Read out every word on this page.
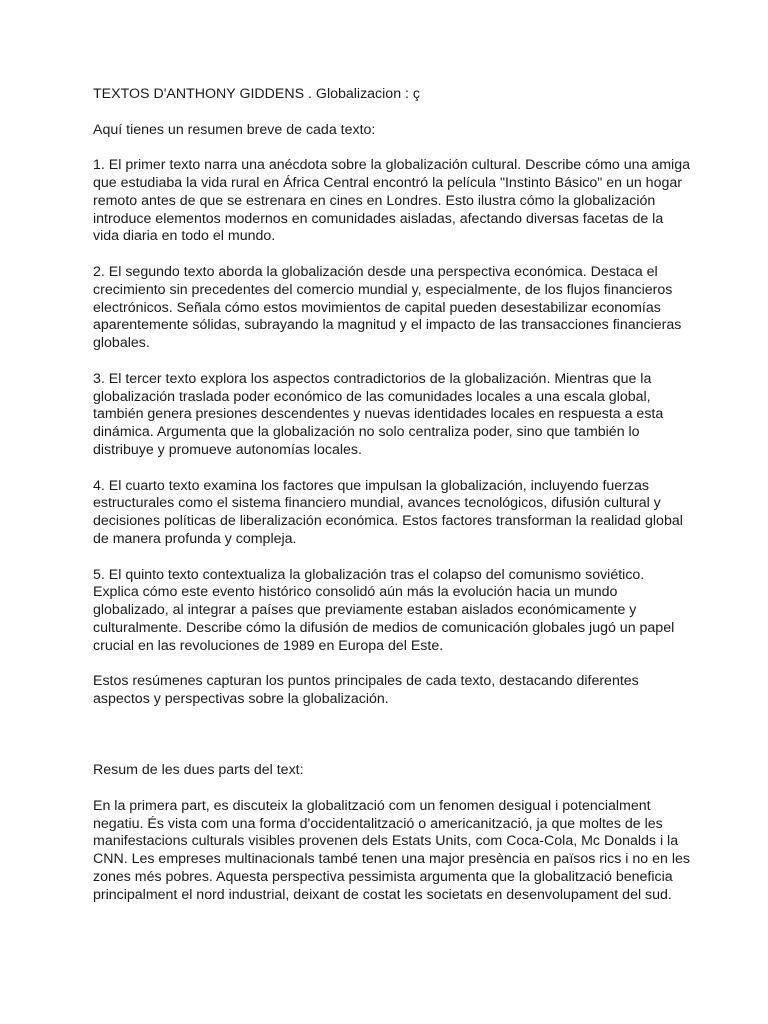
TEXTOS D'ANTHONY GIDDENS . Globalizacion : ç

Aquí tienes un resumen breve de cada texto:

1. El primer texto narra una anécdota sobre la globalización cultural. Describe cómo una amiga que estudiaba la vida rural en África Central encontró la película "Instinto Básico" en un hogar remoto antes de que se estrenara en cines en Londres. Esto ilustra cómo la globalización introduce elementos modernos en comunidades aisladas, afectando diversas facetas de la vida diaria en todo el mundo.

2. El segundo texto aborda la globalización desde una perspectiva económica. Destaca el crecimiento sin precedentes del comercio mundial y, especialmente, de los flujos financieros electrónicos. Señala cómo estos movimientos de capital pueden desestabilizar economías aparentemente sólidas, subrayando la magnitud y el impacto de las transacciones financieras globales.

3. El tercer texto explora los aspectos contradictorios de la globalización. Mientras que la globalización traslada poder económico de las comunidades locales a una escala global, también genera presiones descendentes y nuevas identidades locales en respuesta a esta dinámica. Argumenta que la globalización no solo centraliza poder, sino que también lo distribuye y promueve autonomías locales.

4. El cuarto texto examina los factores que impulsan la globalización, incluyendo fuerzas estructurales como el sistema financiero mundial, avances tecnológicos, difusión cultural y decisiones políticas de liberalización económica. Estos factores transforman la realidad global de manera profunda y compleja.

5. El quinto texto contextualiza la globalización tras el colapso del comunismo soviético. Explica cómo este evento histórico consolidó aún más la evolución hacia un mundo globalizado, al integrar a países que previamente estaban aislados económicamente y culturalmente. Describe cómo la difusión de medios de comunicación globales jugó un papel crucial en las revoluciones de 1989 en Europa del Este.

Estos resúmenes capturan los puntos principales de cada texto, destacando diferentes aspectos y perspectivas sobre la globalización.

Resum de les dues parts del text:

En la primera part, es discuteix la globalització com un fenomen desigual i potencialment negatiu. És vista com una forma d'occidentalització o americanització, ja que moltes de les manifestacions culturals visibles provenen dels Estats Units, com Coca-Cola, Mc Donalds i la CNN. Les empreses multinacionals també tenen una major presència en països rics i no en les zones més pobres. Aquesta perspectiva pessimista argumenta que la globalització beneficia principalment el nord industrial, deixant de costat les societats en desenvolupament del sud.
